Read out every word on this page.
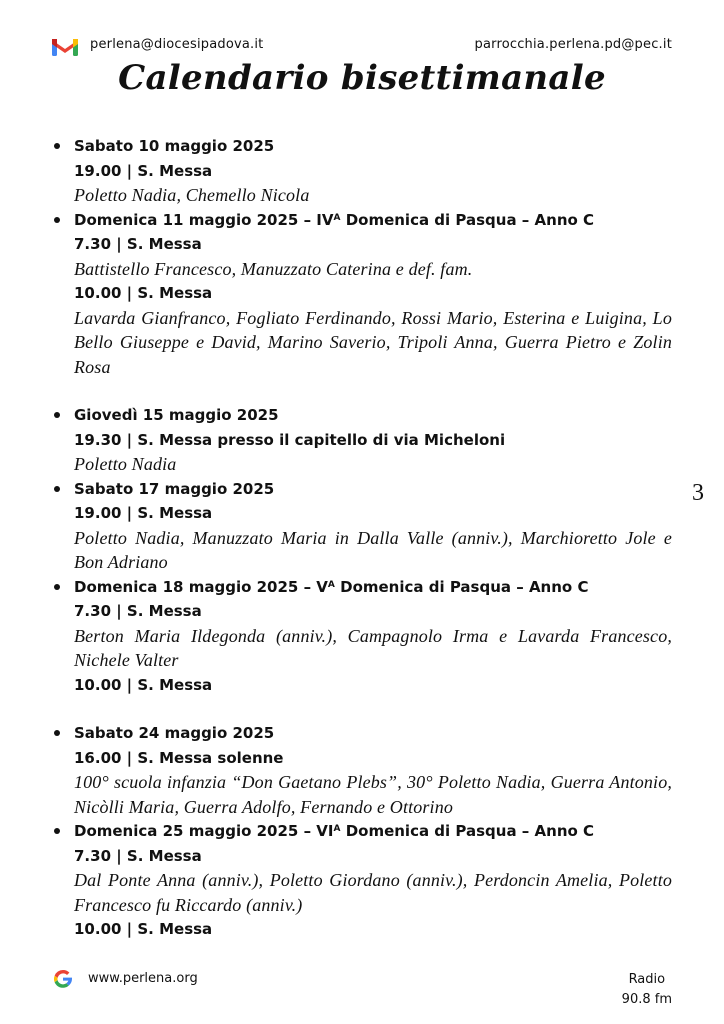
perlena@diocesipadova.it	parrocchia.perlena.pd@pec.it
Calendario bisettimanale
Sabato 10 maggio 2025
19.00 | S. Messa
Poletto Nadia, Chemello Nicola
Domenica 11 maggio $2025 - IV^A$ Domenica di Pasqua – Anno C
7.30 | S. Messa
Battistello Francesco, Manuzzato Caterina e def. fam.
10.00 | S. Messa
Lavarda Gianfranco, Fogliato Ferdinando, Rossi Mario, Esterina e Luigina, Lo Bello Giuseppe e David, Marino Saverio, Tripoli Anna, Guerra Pietro e Zolin Rosa
Giovedì 15 maggio 2025
19.30 | S. Messa presso il capitello di via Micheloni
Poletto Nadia
Sabato 17 maggio 2025
19.00 | S. Messa
Poletto Nadia, Manuzzato Maria in Dalla Valle (anniv.), Marchioretto Jole e Bon Adriano
Domenica 18 maggio $2025 - V^A$ Domenica di Pasqua – Anno C
7.30 | S. Messa
Berton Maria Ildegonda (anniv.), Campagnolo Irma e Lavarda Francesco, Nichele Valter
10.00 | S. Messa
Sabato 24 maggio 2025
16.00 | S. Messa solenne
100° scuola infanzia “Don Gaetano Plebs”, 30° Poletto Nadia, Guerra Antonio, Nicòlli Maria, Guerra Adolfo, Fernando e Ottorino
Domenica 25 maggio $2025 - VI^A$ Domenica di Pasqua – Anno C
7.30 | S. Messa
Dal Ponte Anna (anniv.), Poletto Giordano (anniv.), Perdoncin Amelia, Poletto Francesco fu Riccardo (anniv.)
10.00 | S. Messa
3
www.perlena.org	Radio
90.8 fm
